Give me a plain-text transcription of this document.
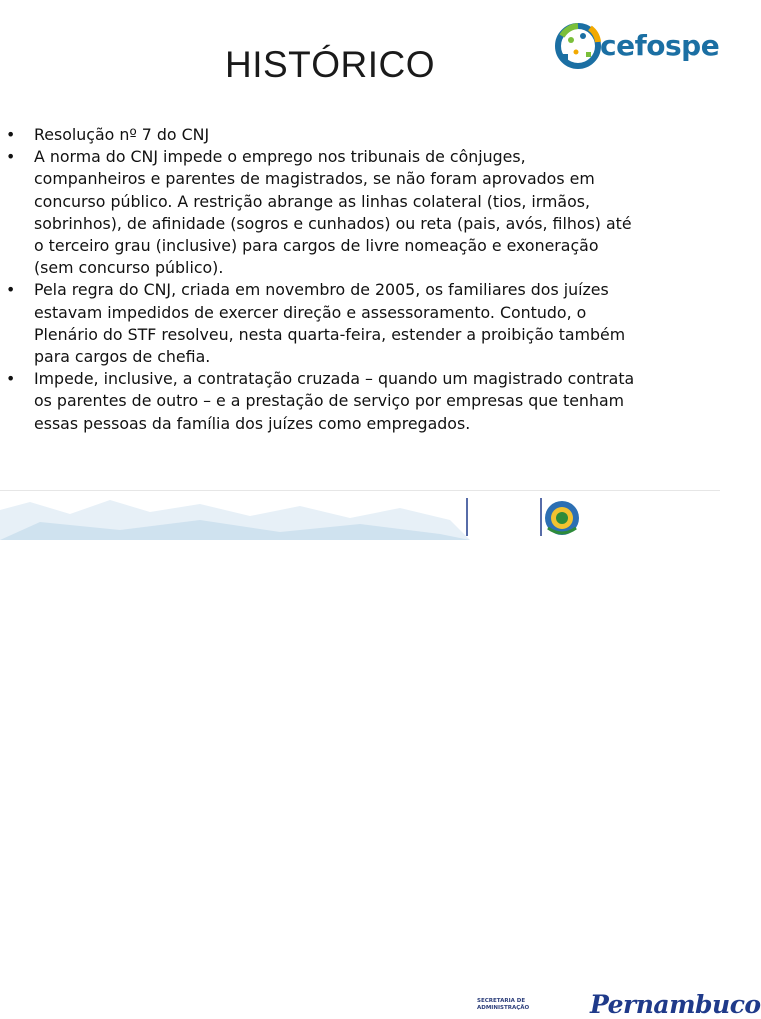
HISTÓRICO	cefospe
•	Resolução nº 7 do CNJ
•	A norma do CNJ impede o emprego nos tribunais de cônjuges, companheiros e parentes de magistrados, se não foram aprovados em concurso público. A restrição abrange as linhas colateral (tios, irmãos, sobrinhos), de afinidade (sogros e cunhados) ou reta (pais, avós, filhos) até o terceiro grau (inclusive) para cargos de livre nomeação e exoneração (sem concurso público).
•	Pela regra do CNJ, criada em novembro de 2005, os familiares dos juízes estavam impedidos de exercer direção e assessoramento. Contudo, o Plenário do STF resolveu, nesta quarta-feira, estender a proibição também para cargos de chefia.
•	Impede, inclusive, a contratação cruzada – quando um magistrado contrata os parentes de outro – e a prestação de serviço por empresas que tenham essas pessoas da família dos juízes como empregados.
SECRETARIA DE ADMINISTRAÇÃO	Pernambuco
